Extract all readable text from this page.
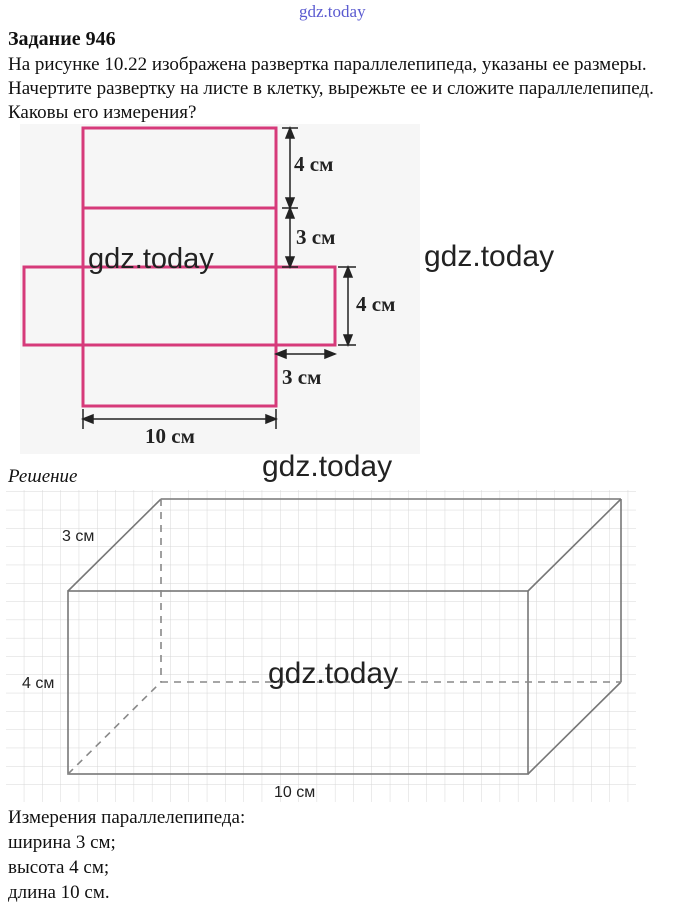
gdz.today
Задание 946
На рисунке 10.22 изображена развертка параллелепипеда, указаны ее размеры. Начертите развертку на листе в клетку, вырежьте ее и сложите параллелепипед. Каковы его измерения?
4 см
3 см
4 см
3 см
10 см
gdz.today	gdz.today
gdz.today
Решение
3 см
4 см
10 см
gdz.today
Измерения параллелепипеда:
ширина 3 см;
высота 4 см;
длина 10 см.
